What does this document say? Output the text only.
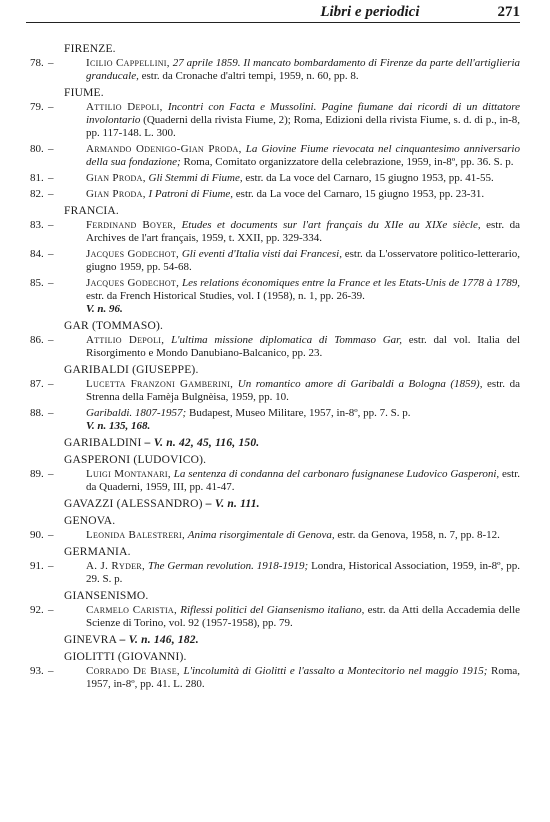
Libri e periodici	271
FIRENZE.
78. –	Icilio Cappellini, 27 aprile 1859. Il mancato bombardamento di Firenze da parte dell'artiglieria granducale, estr. da Cronache d'altri tempi, 1959, n. 60, pp. 8.
FIUME.
79. –	Attilio Depoli, Incontri con Facta e Mussolini. Pagine fiumane dai ricordi di un dittatore involontario (Quaderni della rivista Fiume, 2); Roma, Edizioni della rivista Fiume, s. d. di p., in-8, pp. 117-148. L. 300.
80. –	Armando Odenigo-Gian Proda, La Giovine Fiume rievocata nel cinquantesimo anniversario della sua fondazione; Roma, Comitato organizzatore della celebrazione, 1959, in-8º, pp. 36. S. p.
81. –	Gian Proda, Gli Stemmi di Fiume, estr. da La voce del Carnaro, 15 giugno 1953, pp. 41-55.
82. –	Gian Proda, I Patroni di Fiume, estr. da La voce del Carnaro, 15 giugno 1953, pp. 23-31.
FRANCIA.
83. –	Ferdinand Boyer, Etudes et documents sur l'art français du XIIe au XIXe siècle, estr. da Archives de l'art français, 1959, t. XXII, pp. 329-334.
84. –	Jacques Godechot, Gli eventi d'Italia visti dai Francesi, estr. da L'osservatore politico-letterario, giugno 1959, pp. 54-68.
85. –	Jacques Godechot, Les relations économiques entre la France et les Etats-Unis de 1778 à 1789, estr. da French Historical Studies, vol. I (1958), n. 1, pp. 26-39.
V. n. 96.
GAR (TOMMASO).
86. –	Attilio Depoli, L'ultima missione diplomatica di Tommaso Gar, estr. dal vol. Italia del Risorgimento e Mondo Danubiano-Balcanico, pp. 23.
GARIBALDI (GIUSEPPE).
87. –	Lucetta Franzoni Gamberini, Un romantico amore di Garibaldi a Bologna (1859), estr. da Strenna della Famèja Bulgnèisa, 1959, pp. 10.
88. –	Garibaldi. 1807-1957; Budapest, Museo Militare, 1957, in-8º, pp. 7. S. p.
V. n. 135, 168.
GARIBALDINI – V. n. 42, 45, 116, 150.
GASPERONI (LUDOVICO).
89. –	Luigi Montanari, La sentenza di condanna del carbonaro fusignanese Ludovico Gasperoni, estr. da Quaderni, 1959, III, pp. 41-47.
GAVAZZI (ALESSANDRO) – V. n. 111.
GENOVA.
90. –	Leonida Balestreri, Anima risorgimentale di Genova, estr. da Genova, 1958, n. 7, pp. 8-12.
GERMANIA.
91. –	A. J. Ryder, The German revolution. 1918-1919; Londra, Historical Association, 1959, in-8º, pp. 29. S. p.
GIANSENISMO.
92. –	Carmelo Caristia, Riflessi politici del Giansenismo italiano, estr. da Atti della Accademia delle Scienze di Torino, vol. 92 (1957-1958), pp. 79.
GINEVRA – V. n. 146, 182.
GIOLITTI (GIOVANNI).
93. –	Corrado De Biase, L'incolumità di Giolitti e l'assalto a Montecitorio nel maggio 1915; Roma, 1957, in-8º, pp. 41. L. 280.
